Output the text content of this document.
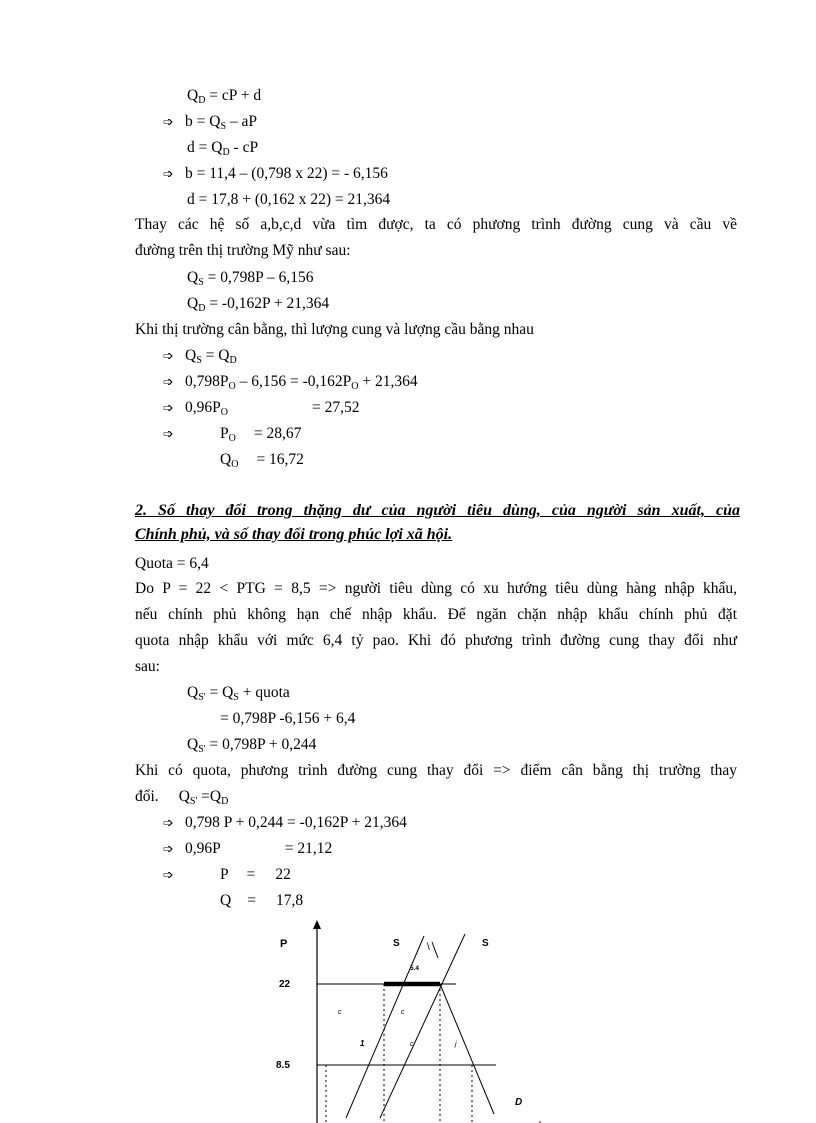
$Q_D$ = cP + d
➩ $b = Q_S$ – aP
$d = Q_D$ - cP
➩ b = 11,4 – (0,798 x 22) = - 6,156
d = 17,8 + (0,162 x 22) = 21,364
Thay các hệ số a,b,c,d vừa tìm được, ta có phương trình đường cung và cầu về
đường trên thị trường Mỹ như sau:
$Q_S = 0,798P - 6,156$
$Q_D = -0,162P + 21,364$
Khi thị trường cân bằng, thì lượng cung và lượng cầu bằng nhau
➩ $Q_S = Q_D$
➩ $0,798P_O - 6,156 = -0,162P_O + 21,364$
➩ $0,96P_O$	= 27,52
➩	$P_O = 28,67$
$Q_O = 16,72$
2. Số thay đổi trong thặng dư của người tiêu dùng, của người sản xuất, của
Chính phủ, và số thay đổi trong phúc lợi xã hội.
Quota = 6,4
Do P = 22 < PTG = 8,5 => người tiêu dùng có xu hướng tiêu dùng hàng nhập khẩu,
nếu chính phủ không hạn chế nhập khẩu. Để ngăn chặn nhập khẩu chính phủ đặt
quota nhập khẩu với mức 6,4 tỷ pao. Khi đó phương trình đường cung thay đổi như
sau:
$Q_{S'} = Q_S$ + quota
= 0,798P -6,156 + 6,4
$Q_{S'} = 0,798P + 0,244$
Khi có quota, phương trình đường cung thay đổi => điểm cân bằng thị trường thay
đổi. $Q_{S'} =Q_D$
➩ 0,798 P + 0,244 = -0,162P + 21,364
➩ 0,96P	= 21,12
➩	P = 22
Q = 17,8
P
22
8.5
S	\	S
D
5.4
c	c
1	c	j
